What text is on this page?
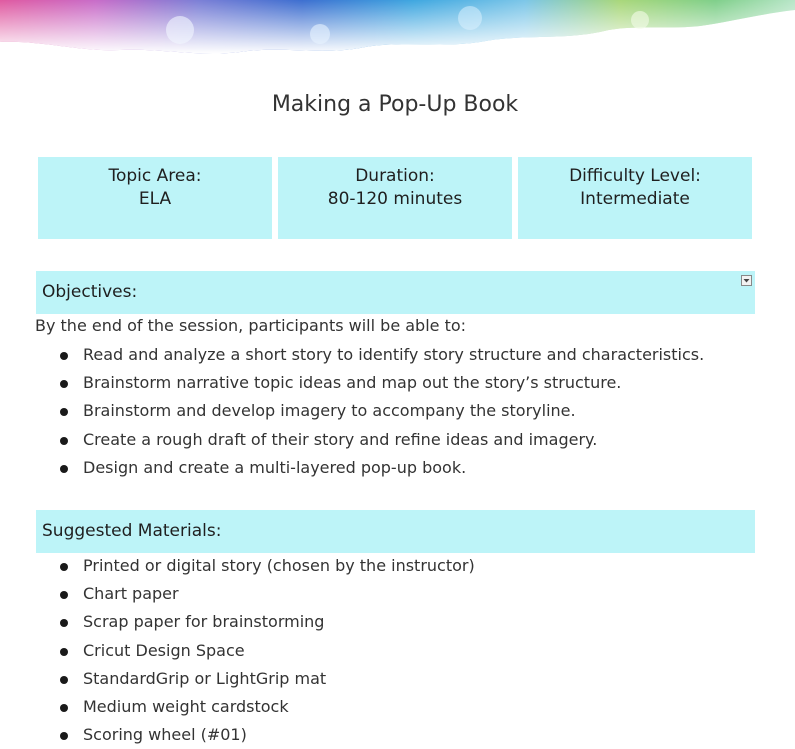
Making a Pop-Up Book
Topic Area:
ELA
Duration:
80-120 minutes
Difficulty Level:
Intermediate
Objectives:
By the end of the session, participants will be able to:
Read and analyze a short story to identify story structure and characteristics.
Brainstorm narrative topic ideas and map out the story’s structure.
Brainstorm and develop imagery to accompany the storyline.
Create a rough draft of their story and refine ideas and imagery.
Design and create a multi-layered pop-up book.
Suggested Materials:
Printed or digital story (chosen by the instructor)
Chart paper
Scrap paper for brainstorming
Cricut Design Space
StandardGrip or LightGrip mat
Medium weight cardstock
Scoring wheel (#01)
